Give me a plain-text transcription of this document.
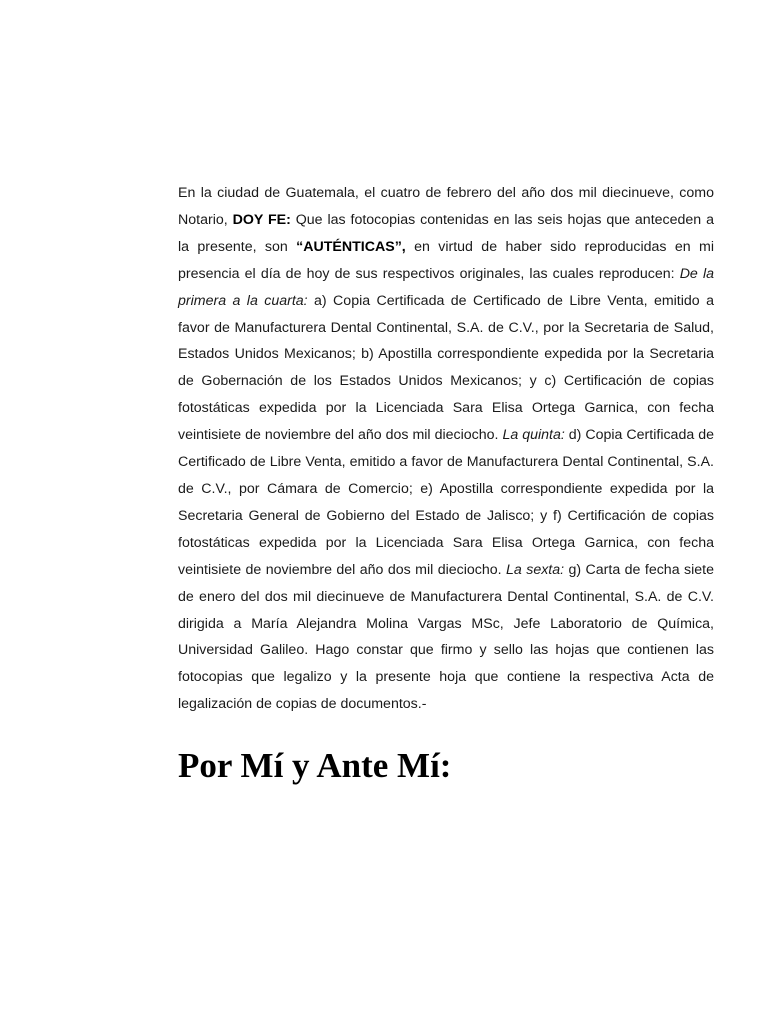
En la ciudad de Guatemala, el cuatro de febrero del año dos mil diecinueve, como Notario, DOY FE: Que las fotocopias contenidas en las seis hojas que anteceden a la presente, son “AUTÉNTICAS”, en virtud de haber sido reproducidas en mi presencia el día de hoy de sus respectivos originales, las cuales reproducen: De la primera a la cuarta: a) Copia Certificada de Certificado de Libre Venta, emitido a favor de Manufacturera Dental Continental, S.A. de C.V., por la Secretaria de Salud, Estados Unidos Mexicanos; b) Apostilla correspondiente expedida por la Secretaria de Gobernación de los Estados Unidos Mexicanos; y c) Certificación de copias fotostáticas expedida por la Licenciada Sara Elisa Ortega Garnica, con fecha veintisiete de noviembre del año dos mil dieciocho. La quinta: d) Copia Certificada de Certificado de Libre Venta, emitido a favor de Manufacturera Dental Continental, S.A. de C.V., por Cámara de Comercio; e) Apostilla correspondiente expedida por la Secretaria General de Gobierno del Estado de Jalisco; y f) Certificación de copias fotostáticas expedida por la Licenciada Sara Elisa Ortega Garnica, con fecha veintisiete de noviembre del año dos mil dieciocho. La sexta: g) Carta de fecha siete de enero del dos mil diecinueve de Manufacturera Dental Continental, S.A. de C.V. dirigida a María Alejandra Molina Vargas MSc, Jefe Laboratorio de Química, Universidad Galileo. Hago constar que firmo y sello las hojas que contienen las fotocopias que legalizo y la presente hoja que contiene la respectiva Acta de legalización de copias de documentos.-

Por Mí y Ante Mí:
